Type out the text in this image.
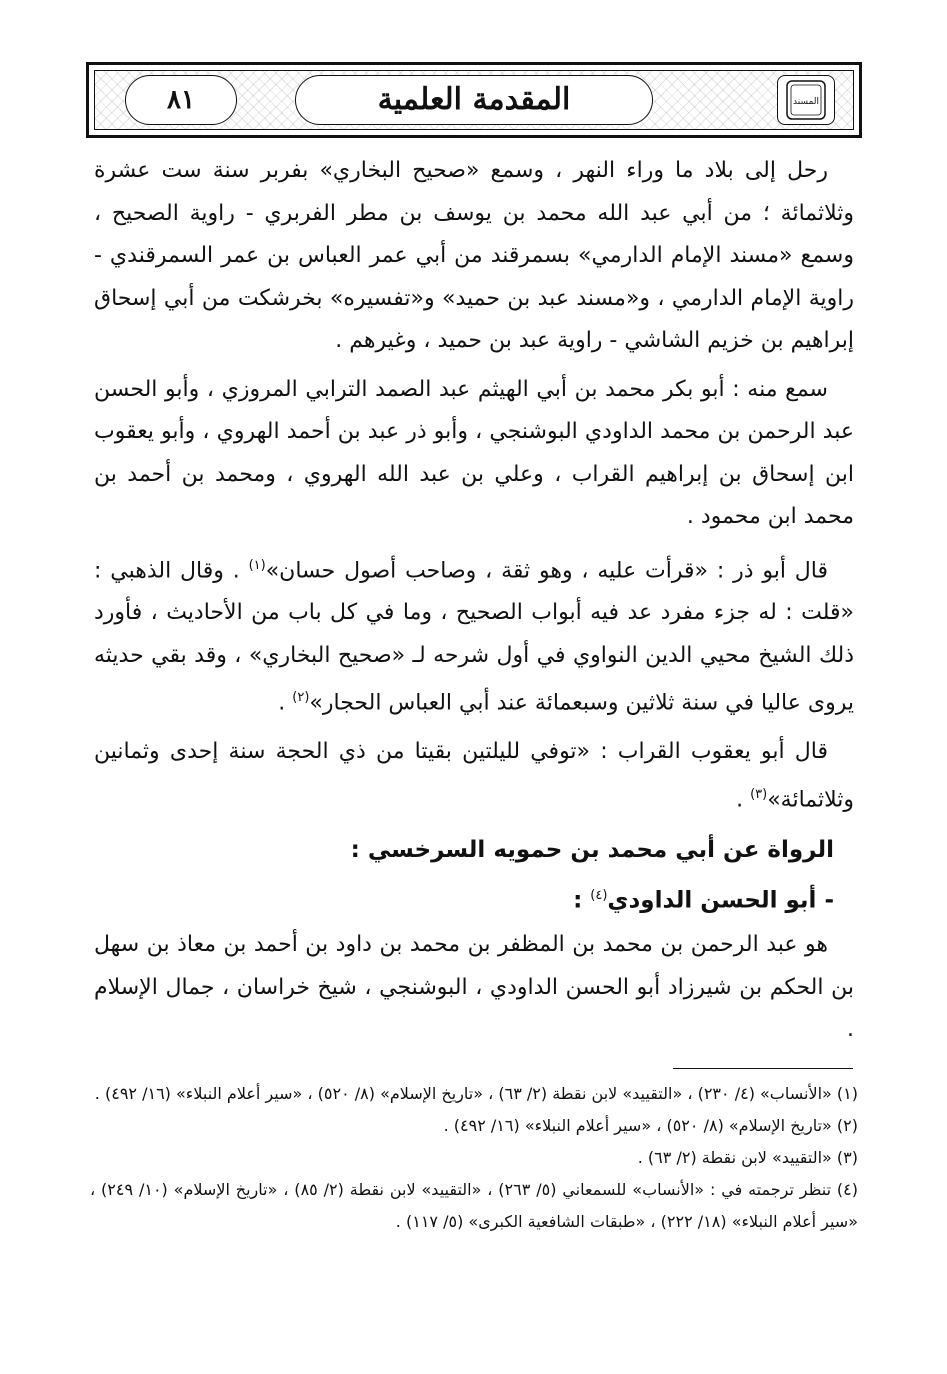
المسند
المقدمة العلمية
٨١

رحل إلى بلاد ما وراء النهر ، وسمع «صحيح البخاري» بفربر سنة ست عشرة وثلاثمائة ؛ من أبي عبد الله محمد بن يوسف بن مطر الفربري - راوية الصحيح ، وسمع «مسند الإمام الدارمي» بسمرقند من أبي عمر العباس بن عمر السمرقندي - راوية الإمام الدارمي ، و«مسند عبد بن حميد» و«تفسيره» بخرشكت من أبي إسحاق إبراهيم بن خزيم الشاشي - راوية عبد بن حميد ، وغيرهم .

سمع منه : أبو بكر محمد بن أبي الهيثم عبد الصمد الترابي المروزي ، وأبو الحسن عبد الرحمن بن محمد الداودي البوشنجي ، وأبو ذر عبد بن أحمد الهروي ، وأبو يعقوب ابن إسحاق بن إبراهيم القراب ، وعلي بن عبد الله الهروي ، ومحمد بن أحمد بن محمد ابن محمود .

قال أبو ذر : «قرأت عليه ، وهو ثقة ، وصاحب أصول حسان»$^{(١)}$ . وقال الذهبي : «قلت : له جزء مفرد عد فيه أبواب الصحيح ، وما في كل باب من الأحاديث ، فأورد ذلك الشيخ محيي الدين النواوي في أول شرحه لـ «صحيح البخاري» ، وقد بقي حديثه يروى عاليا في سنة ثلاثين وسبعمائة عند أبي العباس الحجار»$^{(٢)}$ .

قال أبو يعقوب القراب : «توفي لليلتين بقيتا من ذي الحجة سنة إحدى وثمانين وثلاثمائة»$^{(٣)}$ .

الرواة عن أبي محمد بن حمويه السرخسي :
- أبو الحسن الداودي$^{(٤)}$ :

هو عبد الرحمن بن محمد بن المظفر بن محمد بن داود بن أحمد بن معاذ بن سهل بن الحكم بن شيرزاد أبو الحسن الداودي ، البوشنجي ، شيخ خراسان ، جمال الإسلام .

(١) «الأنساب» (٤/ ٢٣٠) ، «التقييد» لابن نقطة (٢/ ٦٣) ، «تاريخ الإسلام» (٨/ ٥٢٠) ، «سير أعلام النبلاء» (١٦/ ٤٩٢) .

(٢) «تاريخ الإسلام» (٨/ ٥٢٠) ، «سير أعلام النبلاء» (١٦/ ٤٩٢) .

(٣) «التقييد» لابن نقطة (٢/ ٦٣) .

(٤) تنظر ترجمته في : «الأنساب» للسمعاني (٥/ ٢٦٣) ، «التقييد» لابن نقطة (٢/ ٨٥) ، «تاريخ الإسلام» (١٠/ ٢٤٩) ، «سير أعلام النبلاء» (١٨/ ٢٢٢) ، «طبقات الشافعية الكبرى» (٥/ ١١٧) .
